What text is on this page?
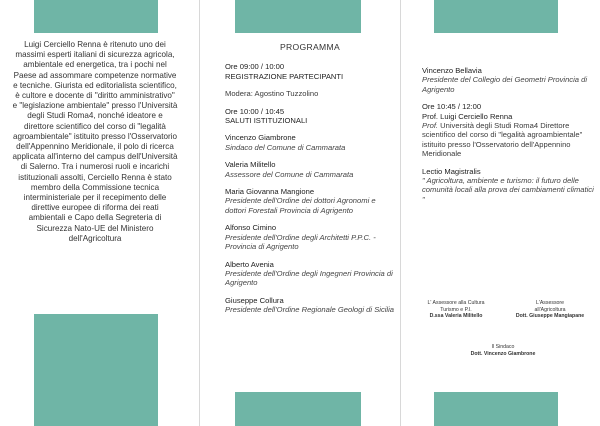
Luigi Cerciello Renna è ritenuto uno dei massimi esperti italiani di sicurezza agricola, ambientale ed energetica, tra i pochi nel Paese ad assommare competenze normative e tecniche. Giurista ed editorialista scientifico, è cultore e docente di "diritto amministrativo" e "legislazione ambientale" presso l'Università degli Studi Roma4, nonché ideatore e direttore scientifico del corso di "legalità agroambientale" istituito presso l'Osservatorio dell'Appennino Meridionale, il polo di ricerca applicata all'interno del campus dell'Università di Salerno. Tra i numerosi ruoli e incarichi istituzionali assolti, Cerciello Renna è stato membro della Commissione tecnica interministeriale per il recepimento delle direttive europee di riforma dei reati ambientali e Capo della Segreteria di Sicurezza Nato-UE del Ministero dell'Agricoltura
PROGRAMMA
Ore 09:00 / 10:00
REGISTRAZIONE PARTECIPANTI
Modera: Agostino Tuzzolino
Ore 10:00 / 10:45
SALUTI ISTITUZIONALI
Vincenzo Giambrone
Sindaco del Comune di Cammarata
Valeria Militello
Assessore del Comune di Cammarata
Maria Giovanna Mangione
Presidente dell'Ordine dei dottori Agronomi e dottori Forestali Provincia di Agrigento
Alfonso Cimino
Presidente dell'Ordine degli Architetti P.P.C. - Provincia di Agrigento
Alberto Avenia
Presidente dell'Ordine degli Ingegneri Provincia di Agrigento
Giuseppe Collura
Presidente dell'Ordine Regionale Geologi di Sicilia
Vincenzo Bellavia
Presidente del Collegio dei Geometri Provincia di Agrigento
Ore 10:45 / 12:00
Prof. Luigi Cerciello Renna
Prof. Università degli Studi Roma4 Direttore scientifico del corso di "legalità agroambientale" istituito presso l'Osservatorio dell'Appennino Meridionale
Lectio Magistralis
" Agricoltura, ambiente e turismo: il futuro delle comunità locali alla prova dei cambiamenti climatici "
L' Assessore alla Cultura
Turismo e P.I.
D.ssa Valeria Militello
L'Assessore
all'Agricoltura
Dott. Giuseppe Mangiapane
Il Sindaco
Dott. Vincenzo Giambrone
